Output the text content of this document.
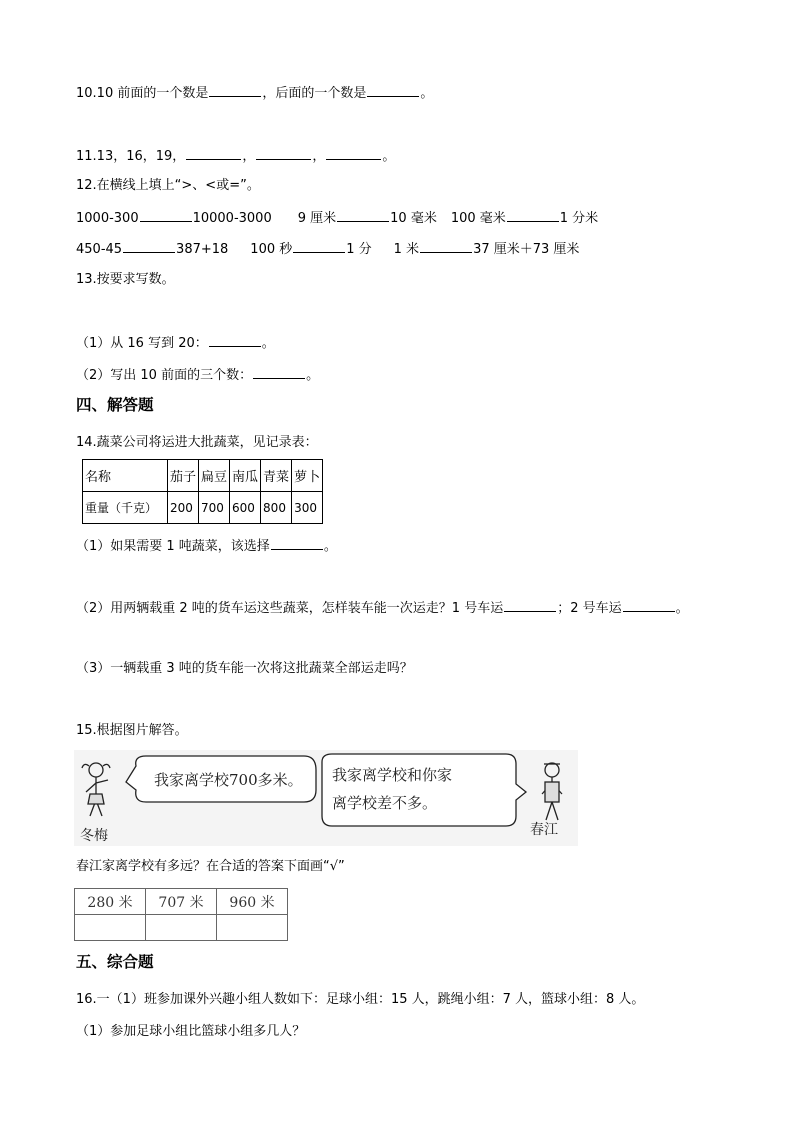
10.10 前面的一个数是	，后面的一个数是	。
11.13，16，19，	，	，	。
12.在横线上填上“>、<或=”。
1000-300	10000-3000 9 厘米	10 毫米 100 毫米	1 分米
450-45	387+18 100 秒	1 分 1 米	37 厘米＋73 厘米
13.按要求写数。
（1）从 16 写到 20：	。
（2）写出 10 前面的三个数：	。
四、解答题
14.蔬菜公司将运进大批蔬菜，见记录表：
名称	茄子	扁豆	南瓜	青菜	萝卜
重量（千克）	200	700	600	800	300
（1）如果需要 1 吨蔬菜，该选择	。
（2）用两辆载重 2 吨的货车运这些蔬菜，怎样装车能一次运走？1 号车运	；2 号车运	。
（3）一辆载重 3 吨的货车能一次将这批蔬菜全部运走吗？
15.根据图片解答。
我家离学校700多米。 我家离学校和你家
离学校差不多。
冬梅	春江
春江家离学校有多远？在合适的答案下面画“√”
280 米	707 米	960 米

五、综合题
16.一（1）班参加课外兴趣小组人数如下：足球小组：15 人，跳绳小组：7 人，篮球小组：8 人。
（1）参加足球小组比篮球小组多几人？
